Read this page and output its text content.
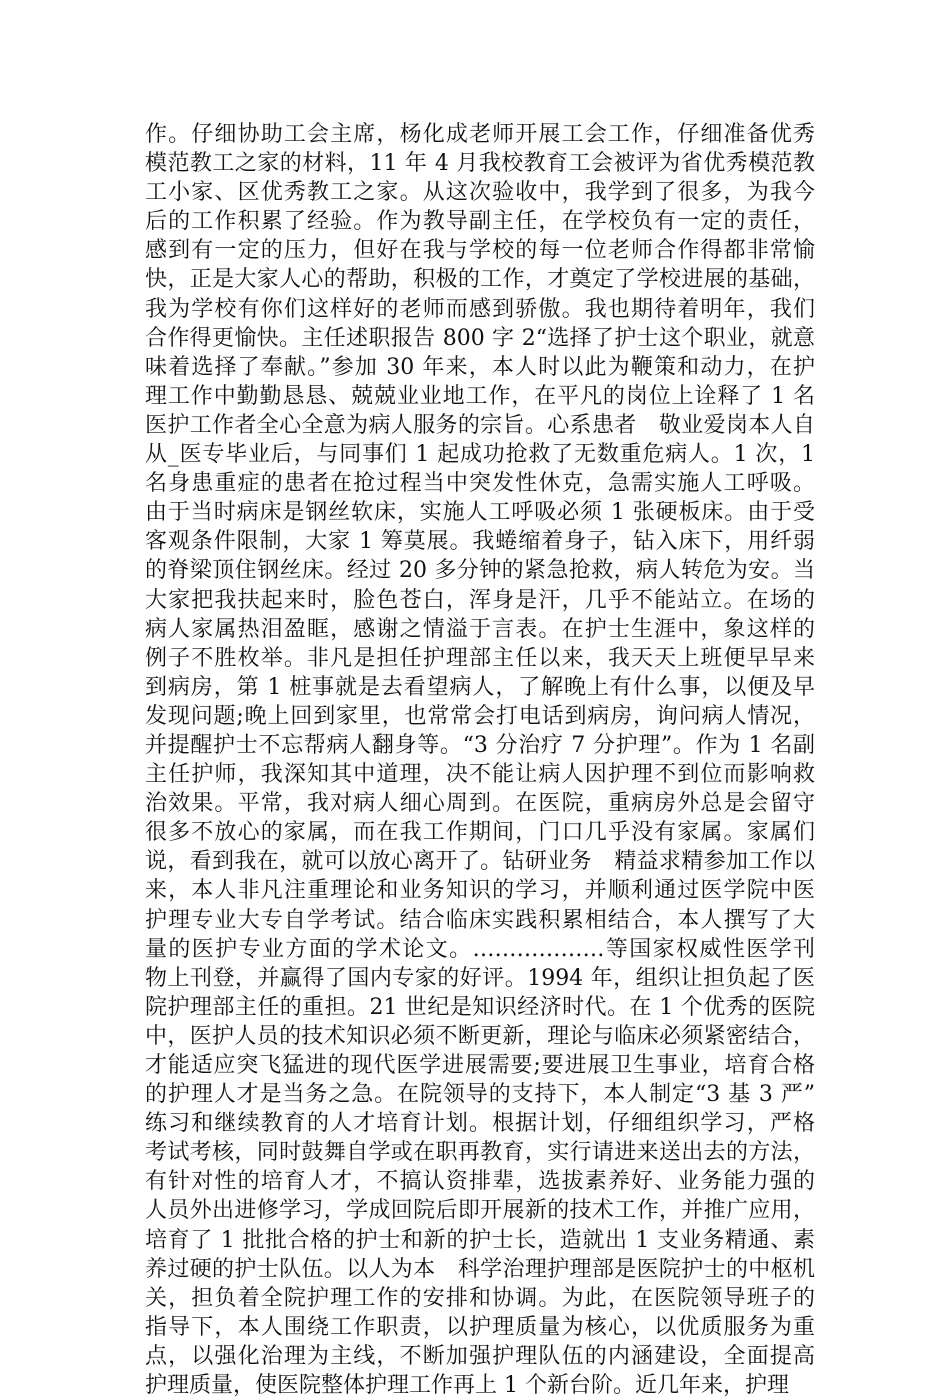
作。仔细协助工会主席，杨化成老师开展工会工作，仔细准备优秀
模范教工之家的材料，11 年 4 月我校教育工会被评为省优秀模范教
工小家、区优秀教工之家。从这次验收中，我学到了很多，为我今
后的工作积累了经验。作为教导副主任，在学校负有一定的责任，
感到有一定的压力，但好在我与学校的每一位老师合作得都非常愉
快，正是大家人心的帮助，积极的工作，才奠定了学校进展的基础，
我为学校有你们这样好的老师而感到骄傲。我也期待着明年，我们
合作得更愉快。主任述职报告 800 字 2“选择了护士这个职业，就意
味着选择了奉献。”参加 30 年来，本人时以此为鞭策和动力，在护
理工作中勤勤恳恳、兢兢业业地工作，在平凡的岗位上诠释了 1 名
医护工作者全心全意为病人服务的宗旨。心系患者　敬业爱岗本人自
从_医专毕业后，与同事们 1 起成功抢救了无数重危病人。1 次，1
名身患重症的患者在抢过程当中突发性休克，急需实施人工呼吸。
由于当时病床是钢丝软床，实施人工呼吸必须 1 张硬板床。由于受
客观条件限制，大家 1 筹莫展。我蜷缩着身子，钻入床下，用纤弱
的脊梁顶住钢丝床。经过 20 多分钟的紧急抢救，病人转危为安。当
大家把我扶起来时，脸色苍白，浑身是汗，几乎不能站立。在场的
病人家属热泪盈眶，感谢之情溢于言表。在护士生涯中，象这样的
例子不胜枚举。非凡是担任护理部主任以来，我天天上班便早早来
到病房，第 1 桩事就是去看望病人，了解晚上有什么事，以便及早
发现问题;晚上回到家里，也常常会打电话到病房，询问病人情况，
并提醒护士不忘帮病人翻身等。“3 分治疗 7 分护理”。作为 1 名副
主任护师，我深知其中道理，决不能让病人因护理不到位而影响救
治效果。平常，我对病人细心周到。在医院，重病房外总是会留守
很多不放心的家属，而在我工作期间，门口几乎没有家属。家属们
说，看到我在，就可以放心离开了。钻研业务　精益求精参加工作以
来，本人非凡注重理论和业务知识的学习，并顺利通过医学院中医
护理专业大专自学考试。结合临床实践积累相结合，本人撰写了大
量的医护专业方面的学术论文。………………等国家权威性医学刊
物上刊登，并赢得了国内专家的好评。1994 年，组织让担负起了医
院护理部主任的重担。21 世纪是知识经济时代。在 1 个优秀的医院
中，医护人员的技术知识必须不断更新，理论与临床必须紧密结合，
才能适应突飞猛进的现代医学进展需要;要进展卫生事业，培育合格
的护理人才是当务之急。在院领导的支持下，本人制定“3 基 3 严”
练习和继续教育的人才培育计划。根据计划，仔细组织学习，严格
考试考核，同时鼓舞自学或在职再教育，实行请进来送出去的方法，
有针对性的培育人才，不搞认资排辈，选拔素养好、业务能力强的
人员外出进修学习，学成回院后即开展新的技术工作，并推广应用，
培育了 1 批批合格的护士和新的护士长，造就出 1 支业务精通、素
养过硬的护士队伍。以人为本　科学治理护理部是医院护士的中枢机
关，担负着全院护理工作的安排和协调。为此，在医院领导班子的
指导下，本人围绕工作职责，以护理质量为核心，以优质服务为重
点，以强化治理为主线，不断加强护理队伍的内涵建设，全面提高
护理质量，使医院整体护理工作再上 1 个新台阶。近几年来，护理
